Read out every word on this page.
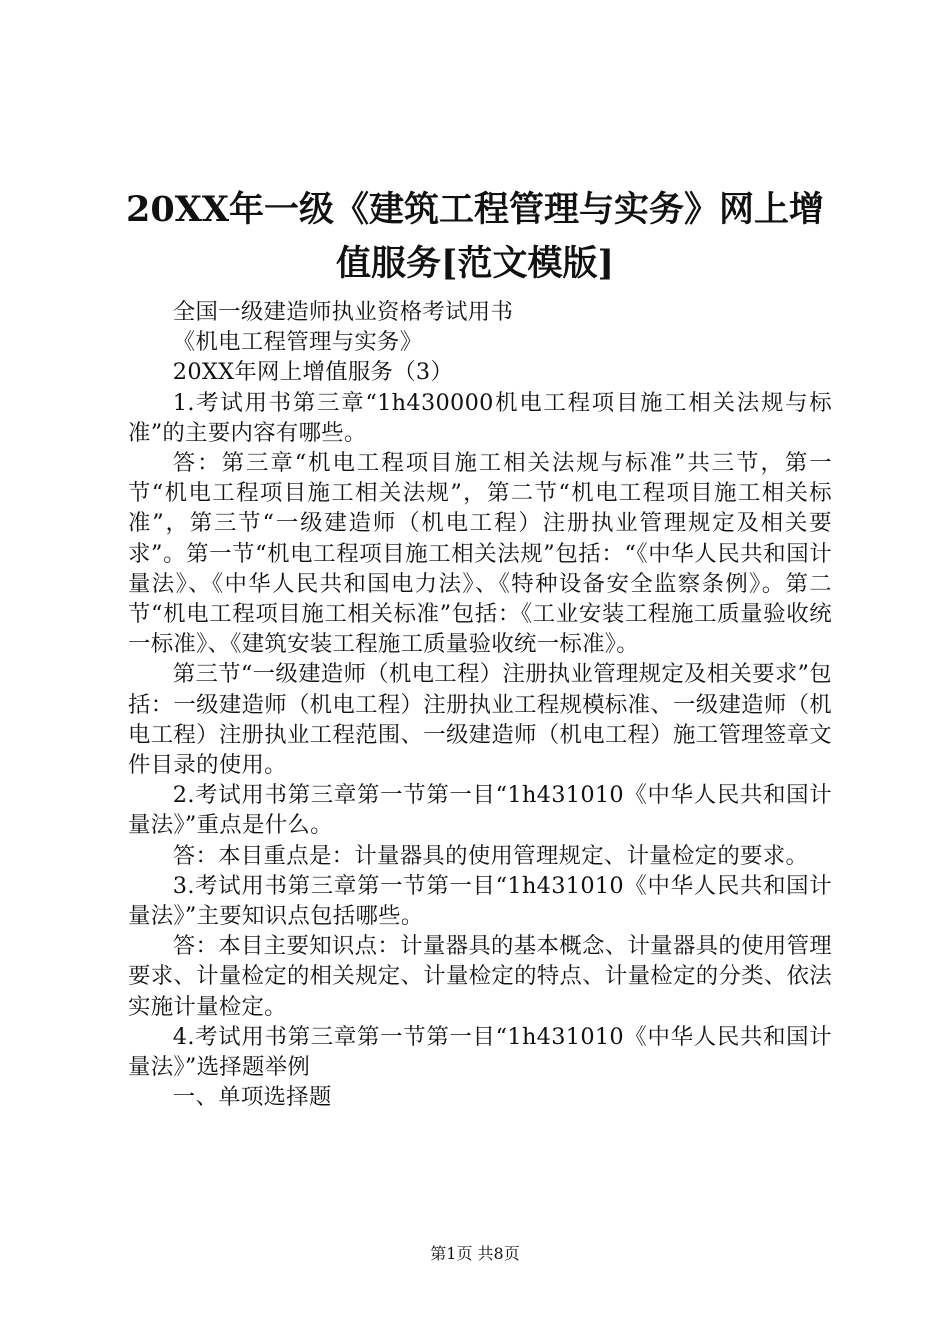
20XX年一级《建筑工程管理与实务》网上增
值服务[范文模版]

全国一级建造师执业资格考试用书

《机电工程管理与实务》

20XX年网上增值服务（3）

1.考试用书第三章“1h430000机电工程项目施工相关法规与标准”的主要内容有哪些。

答：第三章“机电工程项目施工相关法规与标准”共三节，第一节“机电工程项目施工相关法规”，第二节“机电工程项目施工相关标准”，第三节“一级建造师（机电工程）注册执业管理规定及相关要求”。第一节“机电工程项目施工相关法规”包括：“《中华人民共和国计量法》、《中华人民共和国电力法》、《特种设备安全监察条例》。第二节“机电工程项目施工相关标准”包括：《工业安装工程施工质量验收统一标准》、《建筑安装工程施工质量验收统一标准》。

第三节“一级建造师（机电工程）注册执业管理规定及相关要求”包括：一级建造师（机电工程）注册执业工程规模标准、一级建造师（机电工程）注册执业工程范围、一级建造师（机电工程）施工管理签章文件目录的使用。

2.考试用书第三章第一节第一目“1h431010《中华人民共和国计量法》”重点是什么。

答：本目重点是：计量器具的使用管理规定、计量检定的要求。

3.考试用书第三章第一节第一目“1h431010《中华人民共和国计量法》”主要知识点包括哪些。

答：本目主要知识点：计量器具的基本概念、计量器具的使用管理要求、计量检定的相关规定、计量检定的特点、计量检定的分类、依法实施计量检定。

4.考试用书第三章第一节第一目“1h431010《中华人民共和国计量法》”选择题举例

一、单项选择题

第1页 共8页
